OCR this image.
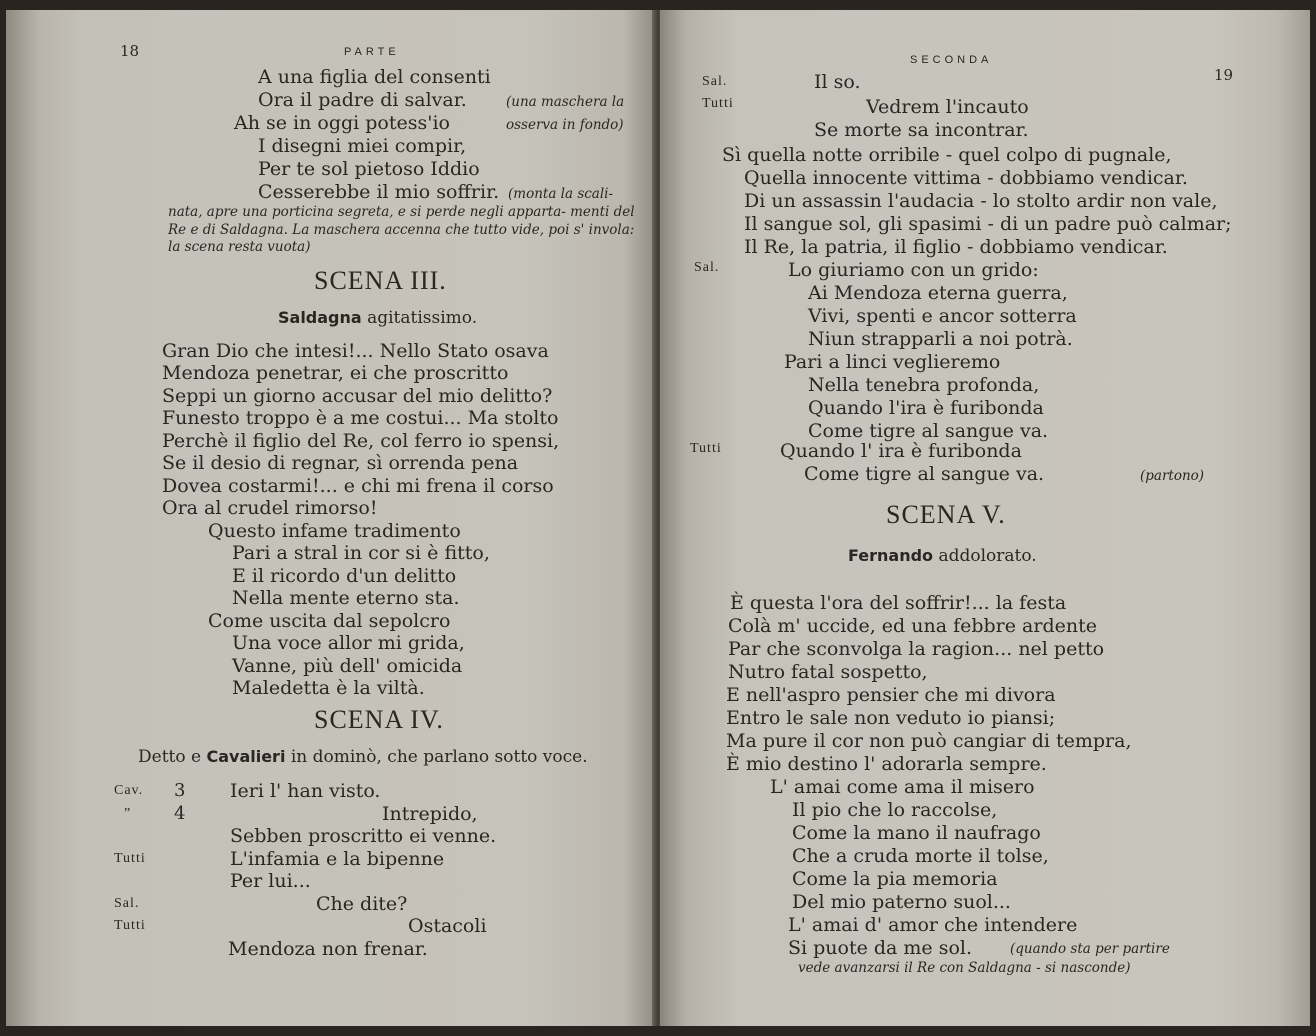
18	PARTE
A una figlia del consenti
Ora il padre di salvar.	(una maschera la
Ah se in oggi potess'io	osserva in fondo)
I disegni miei compir,
Per te sol pietoso Iddio
Cesserebbe il mio soffrir. (monta la scali-
nata, apre una porticina segreta, e si perde negli apparta- menti del Re e di Saldagna. La maschera accenna che tutto vide, poi s' invola: la scena resta vuota)
SCENA III.
Saldagna agitatissimo.
Gran Dio che intesi!... Nello Stato osava
Mendoza penetrar, ei che proscritto
Seppi un giorno accusar del mio delitto?
Funesto troppo è a me costui... Ma stolto
Perchè il figlio del Re, col ferro io spensi,
Se il desio di regnar, sì orrenda pena
Dovea costarmi!... e chi mi frena il corso
Ora al crudel rimorso!
Questo infame tradimento
Pari a stral in cor si è fitto,
E il ricordo d'un delitto
Nella mente eterno sta.
Come uscita dal sepolcro
Una voce allor mi grida,
Vanne, più dell' omicida
Maledetta è la viltà.
SCENA IV.
Detto e Cavalieri in dominò, che parlano sotto voce.
Cav. 3 Ieri l' han visto.
” 4	Intrepido,
Sebben proscritto ei venne.
Tutti	L'infamia e la bipenne
Per lui...
Sal.	Che dite?
Tutti	Ostacoli
Mendoza non frenar.
SECONDA
19
Sal.	Il so.
Tutti	Vedrem l'incauto
Se morte sa incontrar.
Sì quella notte orribile - quel colpo di pugnale,
Quella innocente vittima - dobbiamo vendicar.
Di un assassin l'audacia - lo stolto ardir non vale,
Il sangue sol, gli spasimi - di un padre può calmar;
Il Re, la patria, il figlio - dobbiamo vendicar.
Sal.	Lo giuriamo con un grido:
Ai Mendoza eterna guerra,
Vivi, spenti e ancor sotterra
Niun strapparli a noi potrà.
Pari a linci veglieremo
Nella tenebra profonda,
Quando l'ira è furibonda
Come tigre al sangue va.
Tutti	Quando l' ira è furibonda
Come tigre al sangue va.	(partono)
SCENA V.
Fernando addolorato.
È questa l'ora del soffrir!... la festa
Colà m' uccide, ed una febbre ardente
Par che sconvolga la ragion... nel petto
Nutro fatal sospetto,
E nell'aspro pensier che mi divora
Entro le sale non veduto io piansi;
Ma pure il cor non può cangiar di tempra,
È mio destino l' adorarla sempre.
L' amai come ama il misero
Il pio che lo raccolse,
Come la mano il naufrago
Che a cruda morte il tolse,
Come la pia memoria
Del mio paterno suol...
L' amai d' amor che intendere
Si puote da me sol.	(quando sta per partire
vede avanzarsi il Re con Saldagna - si nasconde)
